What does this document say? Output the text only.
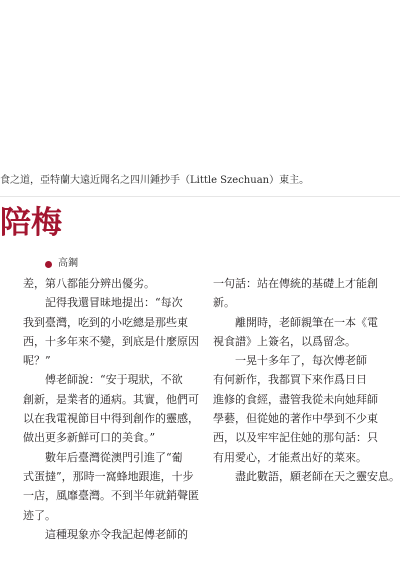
食之道，亞特蘭大遠近聞名之四川鍾抄手（Little Szechuan）東主。
陪梅
高鋼

差，第八都能分辨出優劣。

記得我還冒昧地提出：“每次

我到臺灣，吃到的小吃總是那些東

西，十多年來不變，到底是什麼原因

呢？”

傅老師說：“安于現狀，不欲

創新，是業者的通病。其實，他們可

以在我電視節目中得到創作的靈感，

做出更多新鮮可口的美食。”

數年后臺灣從澳門引進了“葡

式蛋撻”，那時一窩蜂地跟進，十步

一店，風靡臺灣。不到半年就銷聲匿

迹了。

這種現象亦令我記起傅老師的

一句話：站在傳統的基礎上才能創

新。

離開時，老師親筆在一本《電

視食譜》上簽名，以爲留念。

一晃十多年了，每次傅老師

有何新作，我都買下來作爲日日

進修的食經，盡管我從未向她拜師

學藝，但從她的著作中學到不少東

西，以及牢牢記住她的那句話：只

有用愛心，才能煮出好的菜來。

盡此數語，願老師在天之靈安息。
